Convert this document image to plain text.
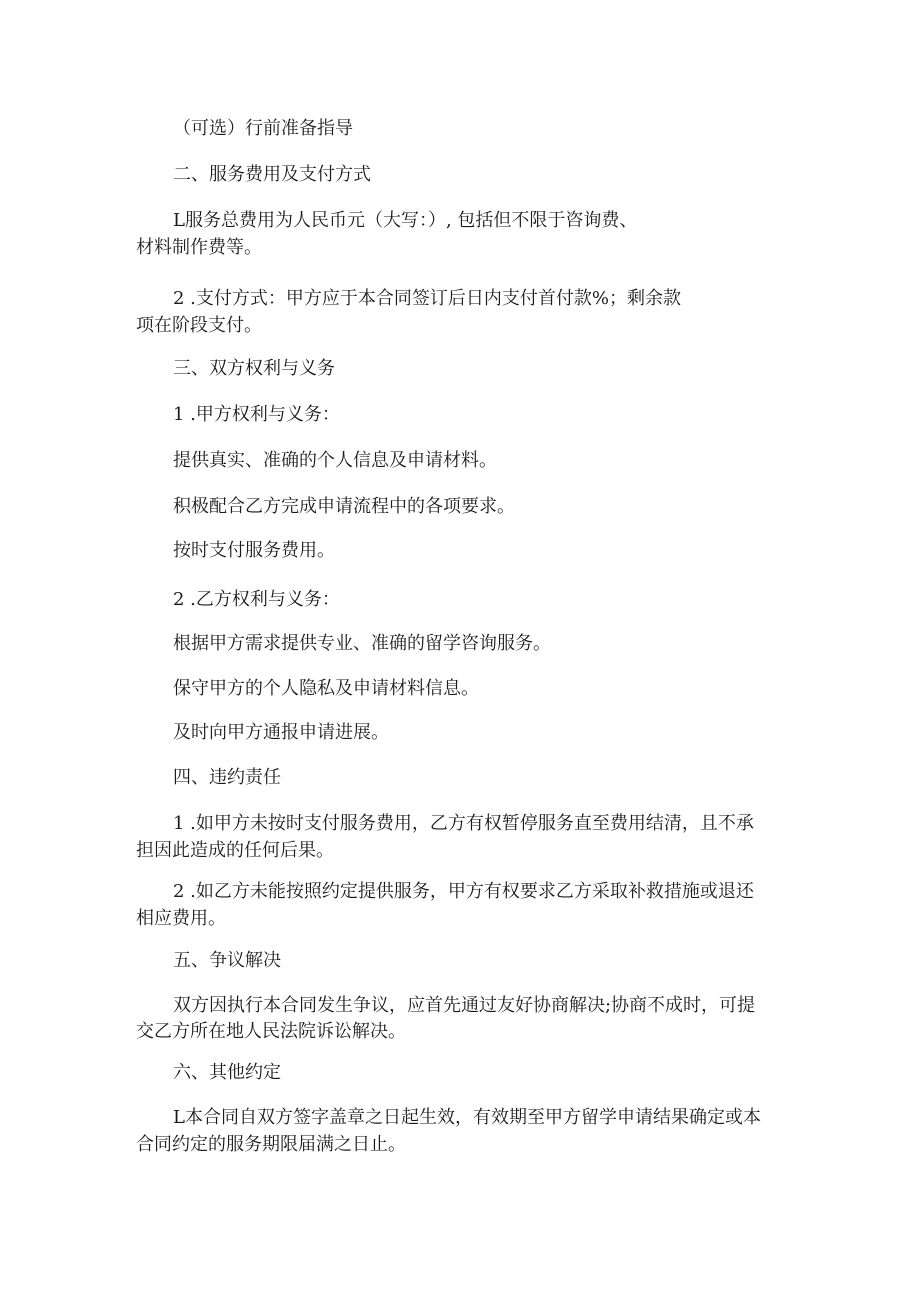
（可选）行前准备指导
二、服务费用及支付方式
L服务总费用为人民币元（大写：）, 包括但不限于咨询费、
材料制作费等。
2 .支付方式：甲方应于本合同签订后日内支付首付款%；剩余款
项在阶段支付。
三、双方权利与义务
1 .甲方权利与义务：
提供真实、准确的个人信息及申请材料。
积极配合乙方完成申请流程中的各项要求。
按时支付服务费用。
2 .乙方权利与义务：
根据甲方需求提供专业、准确的留学咨询服务。
保守甲方的个人隐私及申请材料信息。
及时向甲方通报申请进展。
四、违约责任
1 .如甲方未按时支付服务费用，乙方有权暂停服务直至费用结清，且不承
担因此造成的任何后果。
2 .如乙方未能按照约定提供服务，甲方有权要求乙方采取补救措施或退还
相应费用。
五、争议解决
双方因执行本合同发生争议，应首先通过友好协商解决;协商不成时，可提
交乙方所在地人民法院诉讼解决。
六、其他约定
L本合同自双方签字盖章之日起生效，有效期至甲方留学申请结果确定或本
合同约定的服务期限届满之日止。
